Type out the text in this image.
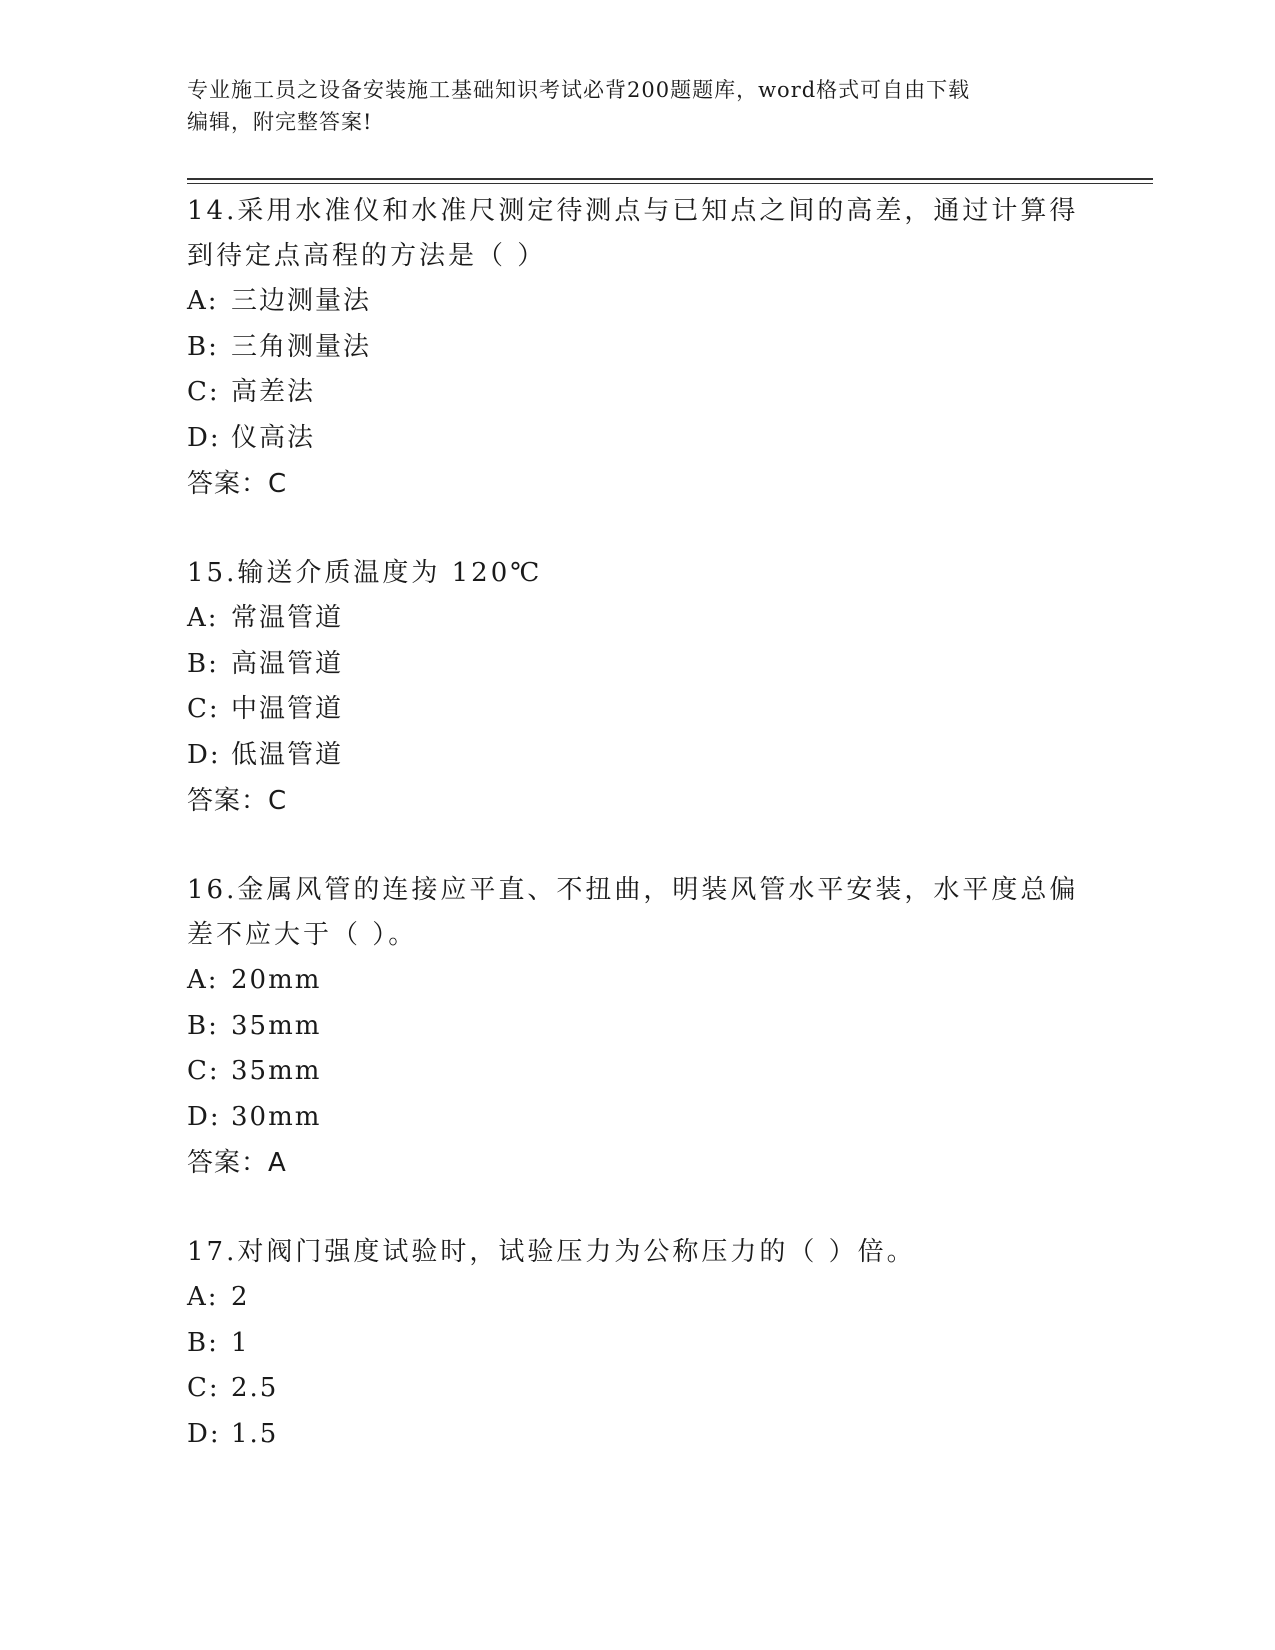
专业施工员之设备安装施工基础知识考试必背200题题库，word格式可自由下载
编辑，附完整答案!
14.采用水准仪和水准尺测定待测点与已知点之间的高差，通过计算得到待定点高程的方法是（ ）
A: 三边测量法
B: 三角测量法
C: 高差法
D: 仪高法
答案：C
15.输送介质温度为 120℃
A: 常温管道
B: 高温管道
C: 中温管道
D: 低温管道
答案：C
16.金属风管的连接应平直、不扭曲，明装风管水平安装，水平度总偏差不应大于（ ）。
A: 20mm
B: 35mm
C: 35mm
D: 30mm
答案：A
17.对阀门强度试验时，试验压力为公称压力的（ ）倍。
A: 2
B: 1
C: 2.5
D: 1.5
